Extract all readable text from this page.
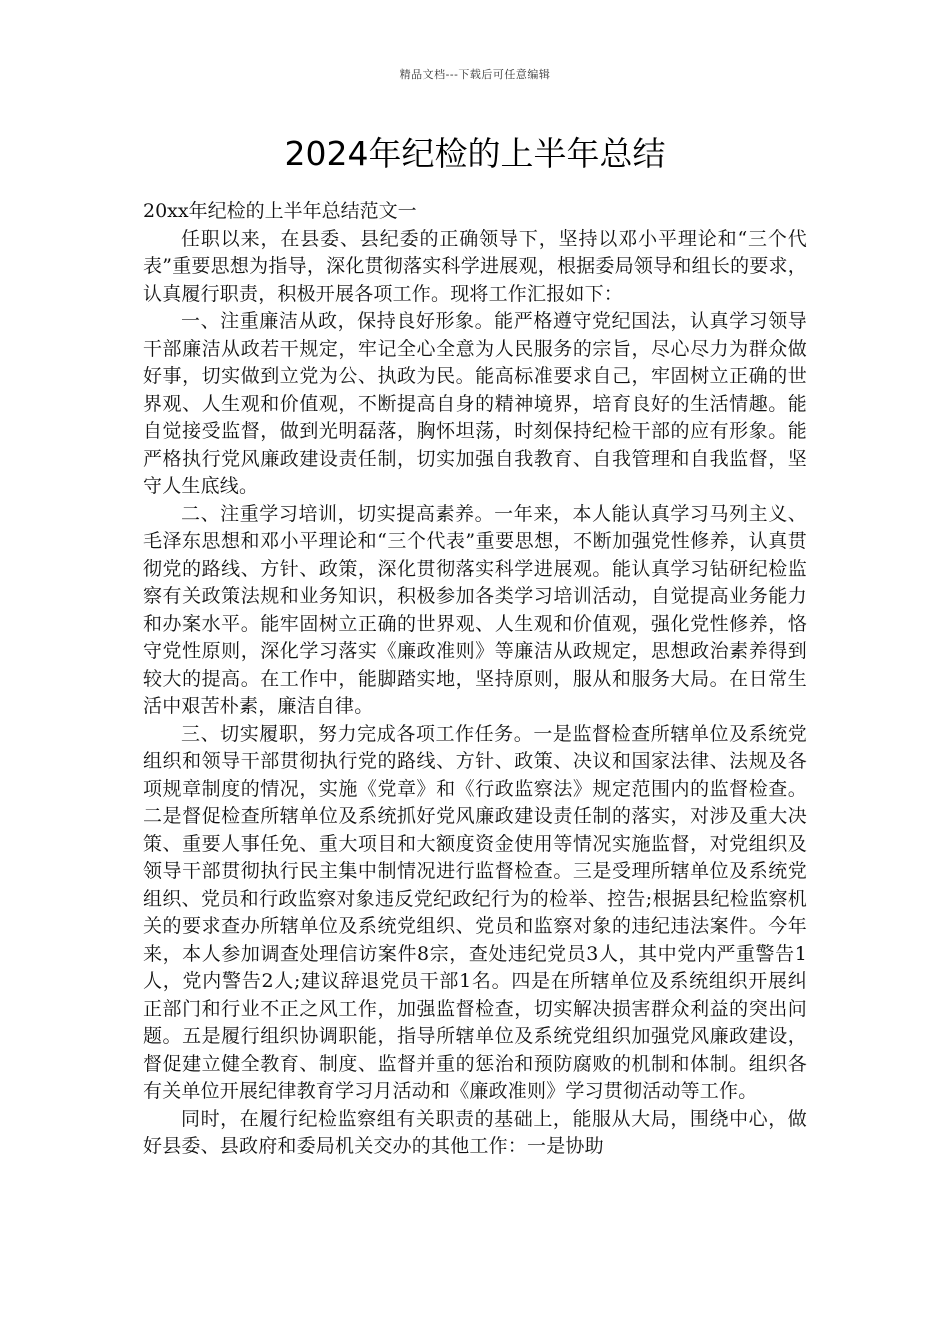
精品文档---下载后可任意编辑
2024年纪检的上半年总结

20xx年纪检的上半年总结范文一

任职以来，在县委、县纪委的正确领导下，坚持以邓小平理论和“三个代表”重要思想为指导，深化贯彻落实科学进展观，根据委局领导和组长的要求，认真履行职责，积极开展各项工作。现将工作汇报如下：

一、注重廉洁从政，保持良好形象。能严格遵守党纪国法，认真学习领导干部廉洁从政若干规定，牢记全心全意为人民服务的宗旨，尽心尽力为群众做好事，切实做到立党为公、执政为民。能高标准要求自己，牢固树立正确的世界观、人生观和价值观，不断提高自身的精神境界，培育良好的生活情趣。能自觉接受监督，做到光明磊落，胸怀坦荡，时刻保持纪检干部的应有形象。能严格执行党风廉政建设责任制，切实加强自我教育、自我管理和自我监督，坚守人生底线。

二、注重学习培训，切实提高素养。一年来，本人能认真学习马列主义、毛泽东思想和邓小平理论和“三个代表”重要思想，不断加强党性修养，认真贯彻党的路线、方针、政策，深化贯彻落实科学进展观。能认真学习钻研纪检监察有关政策法规和业务知识，积极参加各类学习培训活动，自觉提高业务能力和办案水平。能牢固树立正确的世界观、人生观和价值观，强化党性修养，恪守党性原则，深化学习落实《廉政准则》等廉洁从政规定，思想政治素养得到较大的提高。在工作中，能脚踏实地，坚持原则，服从和服务大局。在日常生活中艰苦朴素，廉洁自律。

三、切实履职，努力完成各项工作任务。一是监督检查所辖单位及系统党组织和领导干部贯彻执行党的路线、方针、政策、决议和国家法律、法规及各项规章制度的情况，实施《党章》和《行政监察法》规定范围内的监督检查。二是督促检查所辖单位及系统抓好党风廉政建设责任制的落实，对涉及重大决策、重要人事任免、重大项目和大额度资金使用等情况实施监督，对党组织及领导干部贯彻执行民主集中制情况进行监督检查。三是受理所辖单位及系统党组织、党员和行政监察对象违反党纪政纪行为的检举、控告;根据县纪检监察机关的要求查办所辖单位及系统党组织、党员和监察对象的违纪违法案件。今年来，本人参加调查处理信访案件8宗，查处违纪党员3人，其中党内严重警告1人，党内警告2人;建议辞退党员干部1名。四是在所辖单位及系统组织开展纠正部门和行业不正之风工作，加强监督检查，切实解决损害群众利益的突出问题。五是履行组织协调职能，指导所辖单位及系统党组织加强党风廉政建设，督促建立健全教育、制度、监督并重的惩治和预防腐败的机制和体制。组织各有关单位开展纪律教育学习月活动和《廉政准则》学习贯彻活动等工作。

同时，在履行纪检监察组有关职责的基础上，能服从大局，围绕中心，做好县委、县政府和委局机关交办的其他工作：一是协助
